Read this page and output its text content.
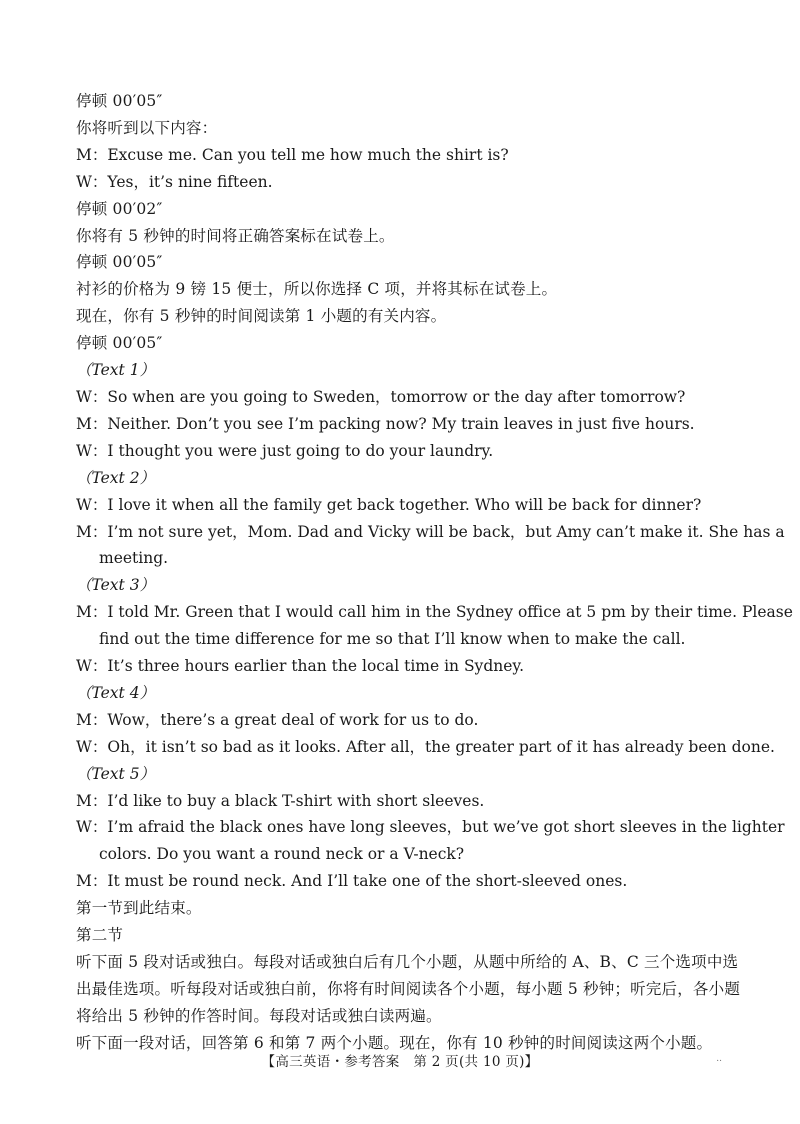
停顿 00′05″
你将听到以下内容：
M：Excuse me. Can you tell me how much the shirt is?
W：Yes，it’s nine fifteen.
停顿 00′02″
你将有 5 秒钟的时间将正确答案标在试卷上。
停顿 00′05″
衬衫的价格为 9 镑 15 便士，所以你选择 C 项，并将其标在试卷上。
现在，你有 5 秒钟的时间阅读第 1 小题的有关内容。
停顿 00′05″
（Text 1）
W：So when are you going to Sweden，tomorrow or the day after tomorrow?
M：Neither. Don’t you see I’m packing now? My train leaves in just five hours.
W：I thought you were just going to do your laundry.
（Text 2）
W：I love it when all the family get back together. Who will be back for dinner?
M：I’m not sure yet，Mom. Dad and Vicky will be back，but Amy can’t make it. She has a
meeting.
（Text 3）
M：I told Mr. Green that I would call him in the Sydney office at 5 pm by their time. Please
find out the time difference for me so that I’ll know when to make the call.
W：It’s three hours earlier than the local time in Sydney.
（Text 4）
M：Wow，there’s a great deal of work for us to do.
W：Oh，it isn’t so bad as it looks. After all，the greater part of it has already been done.
（Text 5）
M：I’d like to buy a black T-shirt with short sleeves.
W：I’m afraid the black ones have long sleeves，but we’ve got short sleeves in the lighter
colors. Do you want a round neck or a V-neck?
M：It must be round neck. And I’ll take one of the short-sleeved ones.
第一节到此结束。
第二节
听下面 5 段对话或独白。每段对话或独白后有几个小题，从题中所给的 A、B、C 三个选项中选
出最佳选项。听每段对话或独白前，你将有时间阅读各个小题，每小题 5 秒钟；听完后，各小题
将给出 5 秒钟的作答时间。每段对话或独白读两遍。
听下面一段对话，回答第 6 和第 7 两个小题。现在，你有 10 秒钟的时间阅读这两个小题。
【高三英语・参考答案　第 2 页(共 10 页)】	..
